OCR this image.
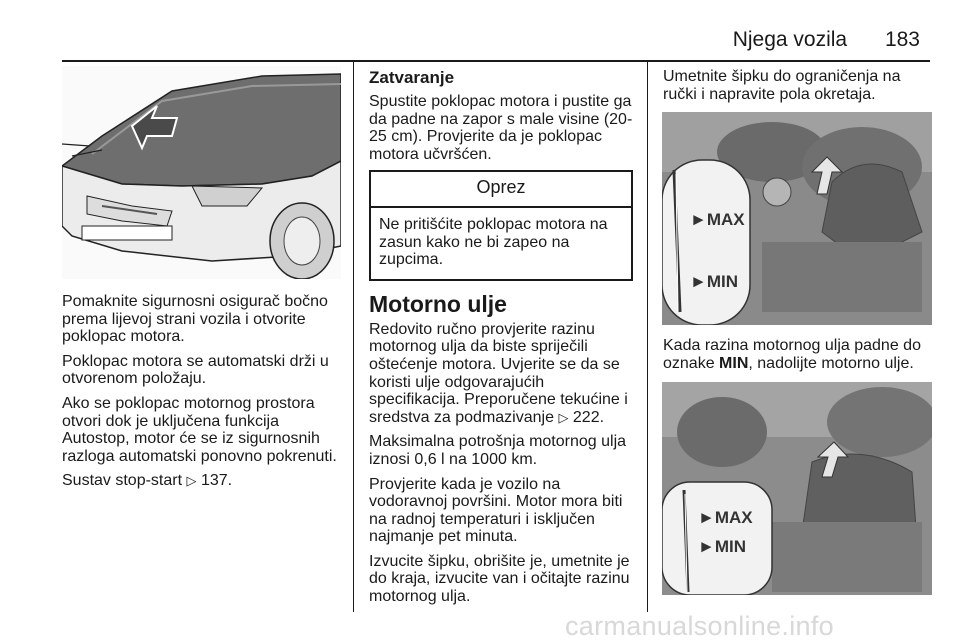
Njega vozila 183

Pomaknite sigurnosni osigurač bočno prema lijevoj strani vozila i otvorite poklopac motora.

Poklopac motora se automatski drži u otvorenom položaju.

Ako se poklopac motornog prostora otvori dok je uključena funkcija Autostop, motor će se iz sigurnosnih razloga automatski ponovno pokrenuti.

Sustav stop-start ▷ 137.

Zatvaranje

Spustite poklopac motora i pustite ga da padne na zapor s male visine (20-25 cm). Provjerite da je poklopac motora učvršćen.

Oprez
Ne pritišćite poklopac motora na zasun kako ne bi zapeo na zupcima.
Motorno ulje

Redovito ručno provjerite razinu motornog ulja da biste spriječili oštećenje motora. Uvjerite se da se koristi ulje odgovarajućih specifikacija. Preporučene tekućine i sredstva za podmazivanje ▷ 222.

Maksimalna potrošnja motornog ulja iznosi 0,6 l na 1000 km.

Provjerite kada je vozilo na vodoravnoj površini. Motor mora biti na radnoj temperaturi i isključen najmanje pet minuta.

Izvucite šipku, obrišite je, umetnite je do kraja, izvucite van i očitajte razinu motornog ulja.

Umetnite šipku do ograničenja na ručki i napravite pola okretaja.

►MAX
►MIN

Kada razina motornog ulja padne do oznake MIN, nadolijte motorno ulje.

►MAX
►MIN
carmanualsonline.info
